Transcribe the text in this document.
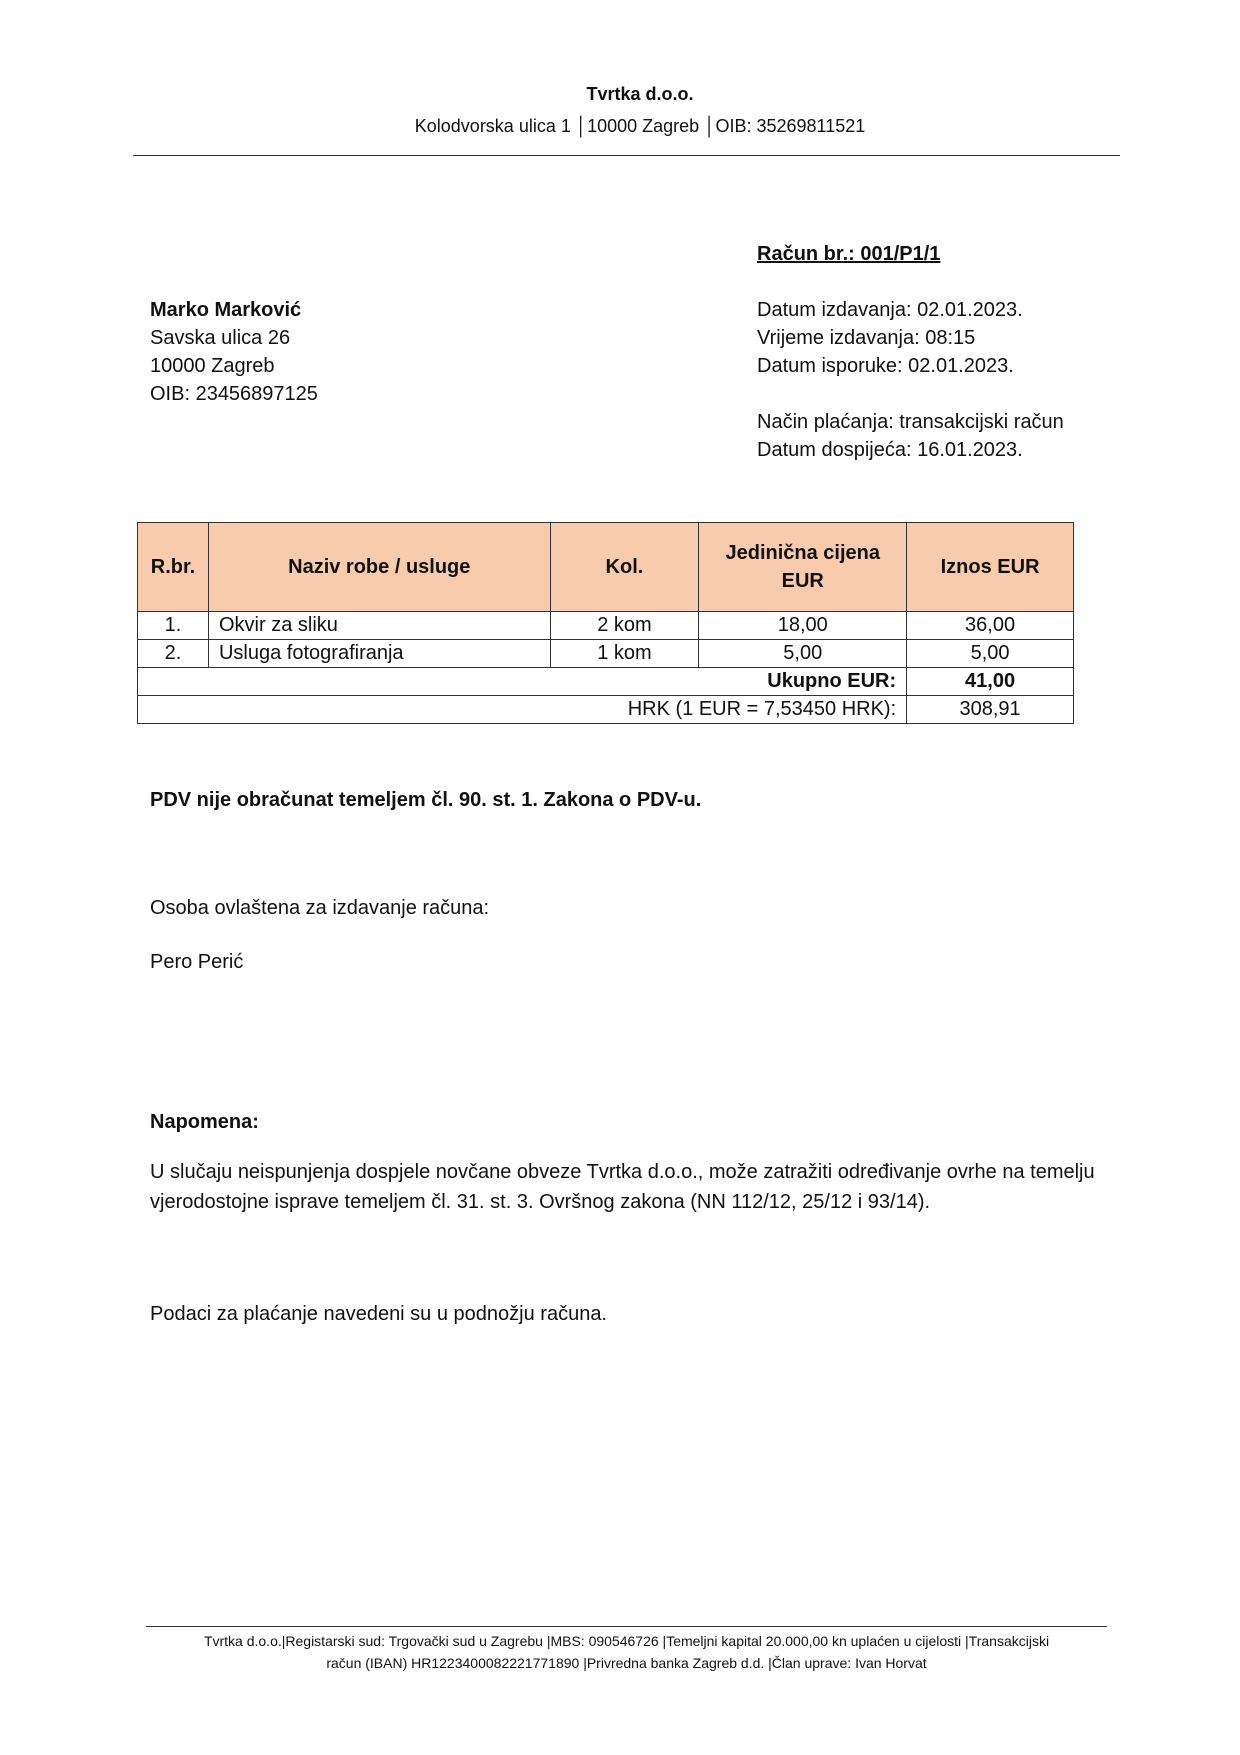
Tvrtka d.o.o.
Kolodvorska ulica 1 │10000 Zagreb │OIB: 35269811521
Račun br.: 001/P1/1
Marko Marković
Savska ulica 26
10000 Zagreb
OIB: 23456897125
Datum izdavanja: 02.01.2023.
Vrijeme izdavanja: 08:15
Datum isporuke: 02.01.2023.
Način plaćanja: transakcijski račun
Datum dospijeća: 16.01.2023.
R.br.	Naziv robe / usluge	Kol.	Jedinična cijena EUR	Iznos EUR
1.	Okvir za sliku	2 kom	18,00	36,00
2.	Usluga fotografiranja	1 kom	5,00	5,00
Ukupno EUR:				41,00
HRK (1 EUR = 7,53450 HRK):				308,91
PDV nije obračunat temeljem čl. 90. st. 1. Zakona o PDV-u.
Osoba ovlaštena za izdavanje računa:
Pero Perić
Napomena:
U slučaju neispunjenja dospjele novčane obveze Tvrtka d.o.o., može zatražiti određivanje ovrhe na temelju vjerodostojne isprave temeljem čl. 31. st. 3. Ovršnog zakona (NN 112/12, 25/12 i 93/14).
Podaci za plaćanje navedeni su u podnožju računa.
Tvrtka d.o.o.|Registarski sud: Trgovački sud u Zagrebu |MBS: 090546726 |Temeljni kapital 20.000,00 kn uplaćen u cijelosti |Transakcijski
račun (IBAN) HR1223400082221771890 |Privredna banka Zagreb d.d. |Član uprave: Ivan Horvat
